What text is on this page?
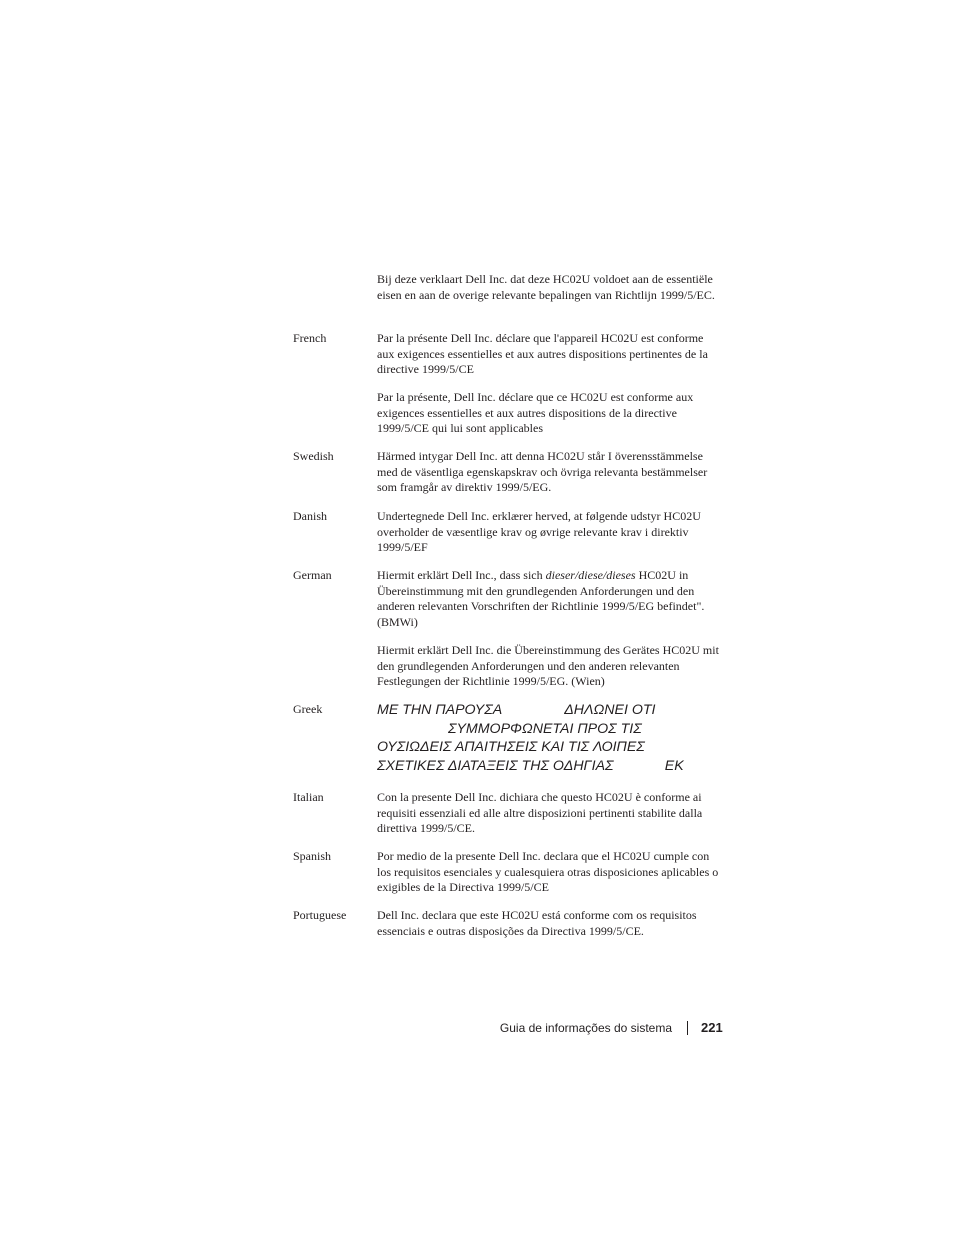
Bij deze verklaart Dell Inc. dat deze HC02U voldoet aan de essentiële eisen en aan de overige relevante bepalingen van Richtlijn 1999/5/EC.
French	Par la présente Dell Inc. déclare que l'appareil HC02U est conforme aux exigences essentielles et aux autres dispositions pertinentes de la directive 1999/5/CE
Par la présente, Dell Inc. déclare que ce HC02U est conforme aux exigences essentielles et aux autres dispositions de la directive 1999/5/CE qui lui sont applicables
Swedish	Härmed intygar Dell Inc. att denna HC02U står I överensstämmelse med de väsentliga egenskapskrav och övriga relevanta bestämmelser som framgår av direktiv 1999/5/EG.
Danish	Undertegnede Dell Inc. erklærer herved, at følgende udstyr HC02U overholder de væsentlige krav og øvrige relevante krav i direktiv 1999/5/EF
German	Hiermit erklärt Dell Inc., dass sich dieser/diese/dieses HC02U in Übereinstimmung mit den grundlegenden Anforderungen und den anderen relevanten Vorschriften der Richtlinie 1999/5/EG befindet". (BMWi)
Hiermit erklärt Dell Inc. die Übereinstimmung des Gerätes HC02U mit den grundlegenden Anforderungen und den anderen relevanten Festlegungen der Richtlinie 1999/5/EG. (Wien)
Greek	ΜΕ ΤΗΝ ΠΑΡΟΥΣΑ                ΔΗΛΩΝΕΙ ΟΤΙ
ΣΥΜΜΟΡΦΩΝΕΤΑΙ ΠΡΟΣ ΤΙΣ
ΟΥΣΙΩΔΕΙΣ ΑΠΑΙΤΗΣΕΙΣ ΚΑΙ ΤΙΣ ΛΟΙΠΕΣ
ΣΧΕΤΙΚΕΣ ΔΙΑΤΑΞΕΙΣ ΤΗΣ ΟΔΗΓΙΑΣ             ΕΚ
Italian	Con la presente Dell Inc. dichiara che questo HC02U è conforme ai requisiti essenziali ed alle altre disposizioni pertinenti stabilite dalla direttiva 1999/5/CE.
Spanish	Por medio de la presente Dell Inc. declara que el HC02U cumple con los requisitos esenciales y cualesquiera otras disposiciones aplicables o exigibles de la Directiva 1999/5/CE
Portuguese	Dell Inc. declara que este HC02U está conforme com os requisitos essenciais e outras disposições da Directiva 1999/5/CE.
Guia de informações do sistema 221
